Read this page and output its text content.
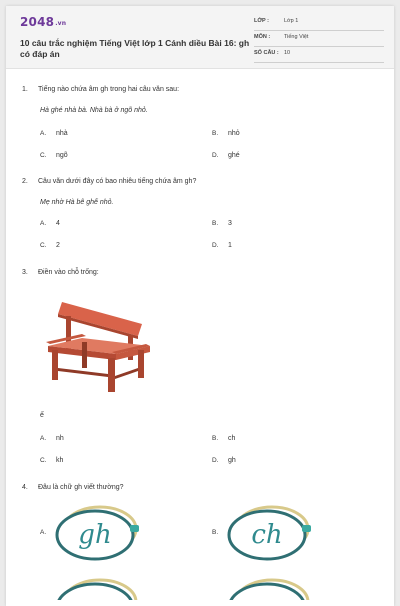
2048.vn
10 câu trắc nghiệm Tiếng Việt lớp 1 Cánh diều Bài 16: gh có đáp án
LỚP :	Lớp 1
MÔN :	Tiếng Việt
SỐ CÂU : 10
1. Tiếng nào chứa âm gh trong hai câu văn sau:
Hà ghé nhà bà. Nhà bà ở ngõ nhỏ.
A. nhà	B. nhỏ
C. ngõ	D. ghé
2. Câu văn dưới đây có bao nhiêu tiếng chứa âm gh?
Mẹ nhờ Hà bê ghế nhỏ.
A. 4	B. 3
C. 2	D. 1
3. Điền vào chỗ trống:
ế
A. nh	B. ch
C. kh	D. gh
4. Đâu là chữ gh viết thường?
A. gh	B. ch
